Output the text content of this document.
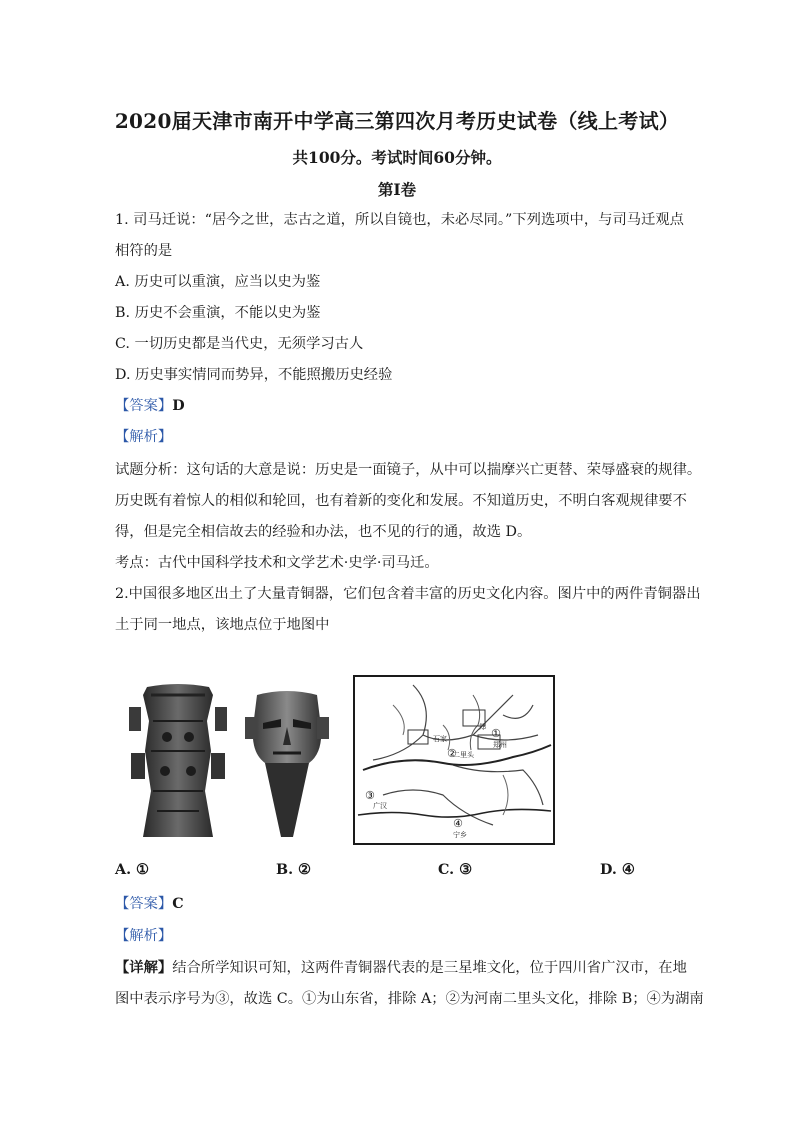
2020届天津市南开中学高三第四次月考历史试卷（线上考试）
共100分。考试时间60分钟。
第Ⅰ卷
1. 司马迁说：“居今之世，志古之道，所以自镜也，未必尽同。”下列选项中，与司马迁观点
相符的是
A. 历史可以重演，应当以史为鉴
B. 历史不会重演，不能以史为鉴
C. 一切历史都是当代史，无须学习古人
D. 历史事实情同而势异，不能照搬历史经验
【答案】D
【解析】
试题分析：这句话的大意是说：历史是一面镜子，从中可以揣摩兴亡更替、荣辱盛衰的规律。
历史既有着惊人的相似和轮回，也有着新的变化和发展。不知道历史，不明白客观规律要不
得，但是完全相信故去的经验和办法，也不见的行的通，故选 D。
考点：古代中国科学技术和文学艺术·史学·司马迁。
2.中国很多地区出土了大量青铜器，它们包含着丰富的历史文化内容。图片中的两件青铜器出
土于同一地点，该地点位于地图中
石家
郑
郑州
二里头
广汉
宁乡
①
②
③
④
A. ①	B. ②	C. ③	D. ④
【答案】C
【解析】
【详解】结合所学知识可知，这两件青铜器代表的是三星堆文化，位于四川省广汉市，在地
图中表示序号为③，故选 C。①为山东省，排除 A；②为河南二里头文化，排除 B；④为湖南
